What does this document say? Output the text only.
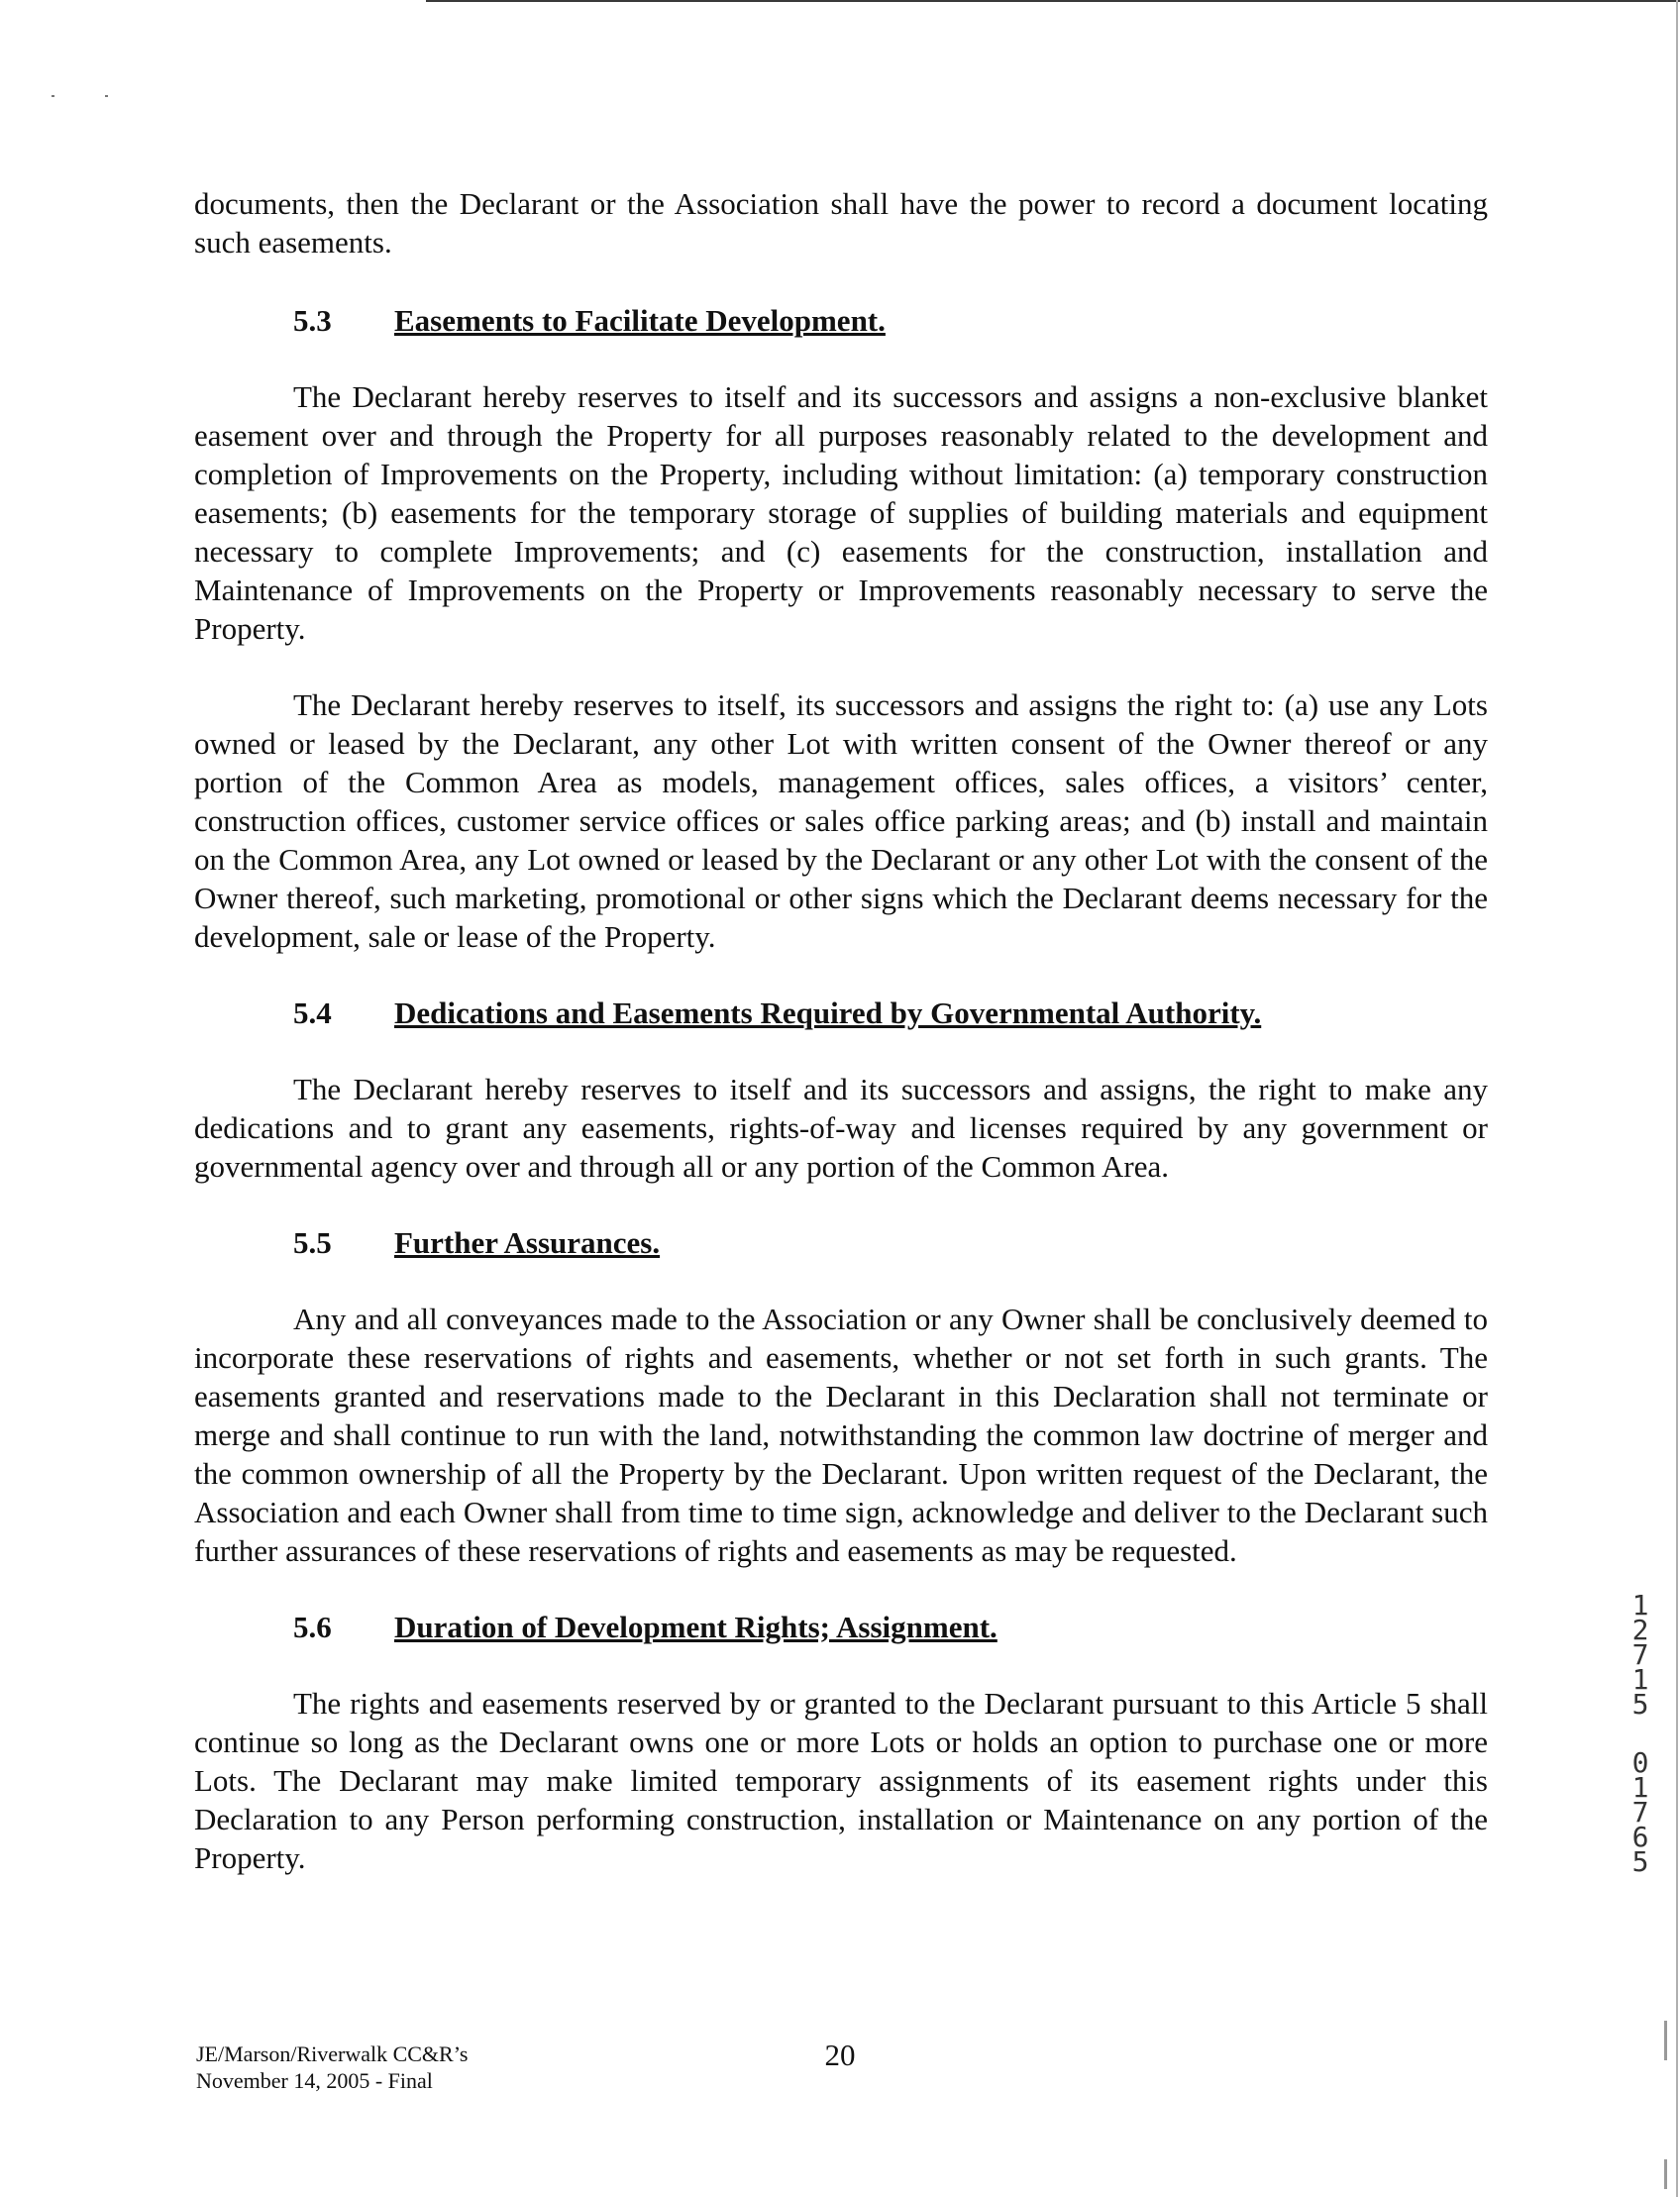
documents, then the Declarant or the Association shall have the power to record a document locating such easements.

5.3 Easements to Facilitate Development.

The Declarant hereby reserves to itself and its successors and assigns a non-exclusive blanket easement over and through the Property for all purposes reasonably related to the development and completion of Improvements on the Property, including without limitation: (a) temporary construction easements; (b) easements for the temporary storage of supplies of building materials and equipment necessary to complete Improvements; and (c) easements for the construction, installation and Maintenance of Improvements on the Property or Improvements reasonably necessary to serve the Property.

The Declarant hereby reserves to itself, its successors and assigns the right to: (a) use any Lots owned or leased by the Declarant, any other Lot with written consent of the Owner thereof or any portion of the Common Area as models, management offices, sales offices, a visitors’ center, construction offices, customer service offices or sales office parking areas; and (b) install and maintain on the Common Area, any Lot owned or leased by the Declarant or any other Lot with the consent of the Owner thereof, such marketing, promotional or other signs which the Declarant deems necessary for the development, sale or lease of the Property.

5.4 Dedications and Easements Required by Governmental Authority.

The Declarant hereby reserves to itself and its successors and assigns, the right to make any dedications and to grant any easements, rights-of-way and licenses required by any government or governmental agency over and through all or any portion of the Common Area.

5.5 Further Assurances.

Any and all conveyances made to the Association or any Owner shall be conclusively deemed to incorporate these reservations of rights and easements, whether or not set forth in such grants. The easements granted and reservations made to the Declarant in this Declaration shall not terminate or merge and shall continue to run with the land, notwithstanding the common law doctrine of merger and the common ownership of all the Property by the Declarant. Upon written request of the Declarant, the Association and each Owner shall from time to time sign, acknowledge and deliver to the Declarant such further assurances of these reservations of rights and easements as may be requested.

5.6 Duration of Development Rights; Assignment.

The rights and easements reserved by or granted to the Declarant pursuant to this Article 5 shall continue so long as the Declarant owns one or more Lots or holds an option to purchase one or more Lots. The Declarant may make limited temporary assignments of its easement rights under this Declaration to any Person performing construction, installation or Maintenance on any portion of the Property.

1
2
7
1
5
0
1
7
6
5
20
JE/Marson/Riverwalk CC&R’s
November 14, 2005 - Final
